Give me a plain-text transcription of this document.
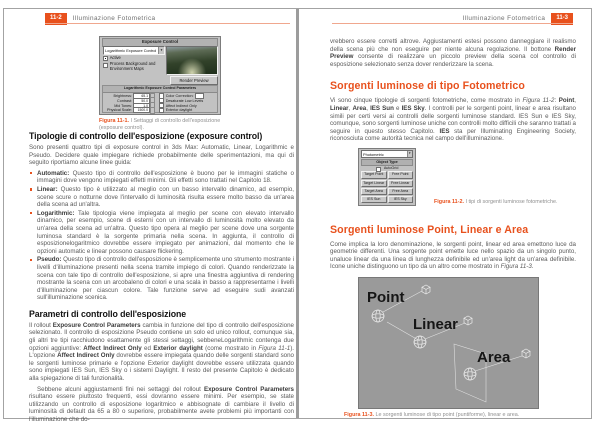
11-2 Illuminazione Fotometrica
Exposure Control
Logarithmic Exposure Control	▼
Active
Process Background and Environment Maps
Render Preview
Logarithmic Exposure Control Parameters
Brightness:	65.1
Contrast:	50.0
Mid Tones:	1.0
Physical Scale:	1500.0
Color Correction:
Desaturate Low Levels
Affect Indirect Only
Exterior daylight
Figura 11-1. I Settaggi di controllo dell'esposizione (exposure control).
Tipologie di controllo dell'esposizione (exposure control)

Sono presenti quattro tipi di exposure control in 3ds Max: Automatic, Linear, Logarithmic e Pseudo. Decidere quale impiegare richiede probabilmente delle sperimentazioni, ma qui di seguito riportiamo alcune linee guida:

Automatic: Questo tipo di controllo dell'esposizione è buono per le immagini statiche o immagini dove vengono impiegati effetti minimi. Gli effetti sono trattati nel Capitolo 18.
Linear: Questo tipo è utilizzato al meglio con un basso intervallo dinamico, ad esempio, scene scure o notturne dove l'intervallo di luminosità risulta essere molto basso da un'area della scena ad un'altra.
Logarithmic: Tale tipologia viene impiegata al meglio per scene con elevato intervallo dinamico, per esempio, scene di esterni con un intervallo di luminosità molto elevato da un'area della scena ad un'altra. Questo tipo opera al meglio per scene dove una sorgente luminosa standard è la sorgente primaria nella scena. In aggiunta, il controllo di esposizionelogaritmico dovrebbe essere impiegato per animazioni, dal momento che le opzioni automatic e linear possono causare flickering.
Pseudo: Questo tipo di controllo dell'esposizione è semplicemente uno strumento mostrante i livelli d'illuminazione presenti nella scena tramite impiego di colori. Quando renderizzate la scena con tale tipo di controllo dell'esposizione, si apre una finestra aggiuntiva di rendering mostrante la scena con un arcobaleno di colori e una scala in basso a rappresentarne i livelli d'illuminazione per ciascun colore. Tale funzione serve ad eseguire sudi avanzati sull'illuminazione scenica.
Parametri di controllo dell'esposizione

Il rollout Exposure Control Parameters cambia in funzione del tipo di controllo dell'esposizione selezionato. Il controllo di esposizione Pseudo contiene un solo ed unico rollout, comunque sia, gli altri tre tipi racchiudono esattamente gli stessi settaggi, sebbeneLogarithmic contenga due opzioni aggiuntive: Affect Indirect Only ed Exterior daylight (come mostrato in Figura 11-1). L'opzione Affect Indirect Only dovrebbe essere impiegata quando delle sorgenti standard sono le sorgenti luminose primarie e l'opzione Exterior daylight dovrebbe essere utilizzata quando sono impiegati IES Sun, IES Sky o i sistemi Daylight. Il resto del presente Capitolo è dedicato alla spiegazione di tali funzionalità.

Sebbene alcuni aggiustamenti fini nei settaggi del rollout Exposure Control Parameters risultano essere piuttosto frequenti, essi dovranno essere minimi. Per esempio, se state utilizzando un controllo di esposizione logaritmico e abbisognate di cambiare il livello di luminosità di default da 65 a 80 o superiore, probabilmente avete problemi più importanti con l'illuminazione che do-

Illuminazione Fotometrica 11-3

vrebbero essere corretti altrove. Aggiustamenti estesi possono danneggiare il realismo della scena più che non eseguire per niente alcuna regolazione. Il bottone Render Preview consente di realizzare un piccolo preview della scena col controllo di esposizione selezionato senza dover renderizzare la scena.

Sorgenti luminose di tipo Fotometrico

Vi sono cinque tipologie di sorgenti fotometriche, come mostrato in Figura 11-2: Point, Linear, Area, IES Sun e IES Sky. I controlli per le sorgenti point, linear e area risultano simili per certi versi ai controlli delle sorgenti luminose standard. IES Sun e IES Sky, comunque, sono sorgenti luminose uniche con controlli molto difficili che saranno trattati a seguire in questo stesso Capitolo. IES sta per Illuminating Engineering Society, riconosciuta come autorità tecnica nel campo dell'illuminazione.

Photometric	▼
Object Type
AutoGrid
Target Point	Free Point
Target Linear	Free Linear
Target Area	Free Area
IES Sun	IES Sky
Figura 11-2. I tipi di sorgenti luminose fotometriche.
Sorgenti luminose Point, Linear e Area

Come implica la loro denominazione, le sorgenti point, linear ed area emettono luce da geometrie differenti. Una sorgente point emette luce nello spazio da un singolo punto, unaluce linear da una linea di lunghezza definibile ed un'area light da un'area definibile. Icone uniche distinguono un tipo da un altro come mostrato in Figura 11-3.

Point
Linear
Area
Figura 11-3. Le sorgenti luminose di tipo point (puntiforme), linear e area.
